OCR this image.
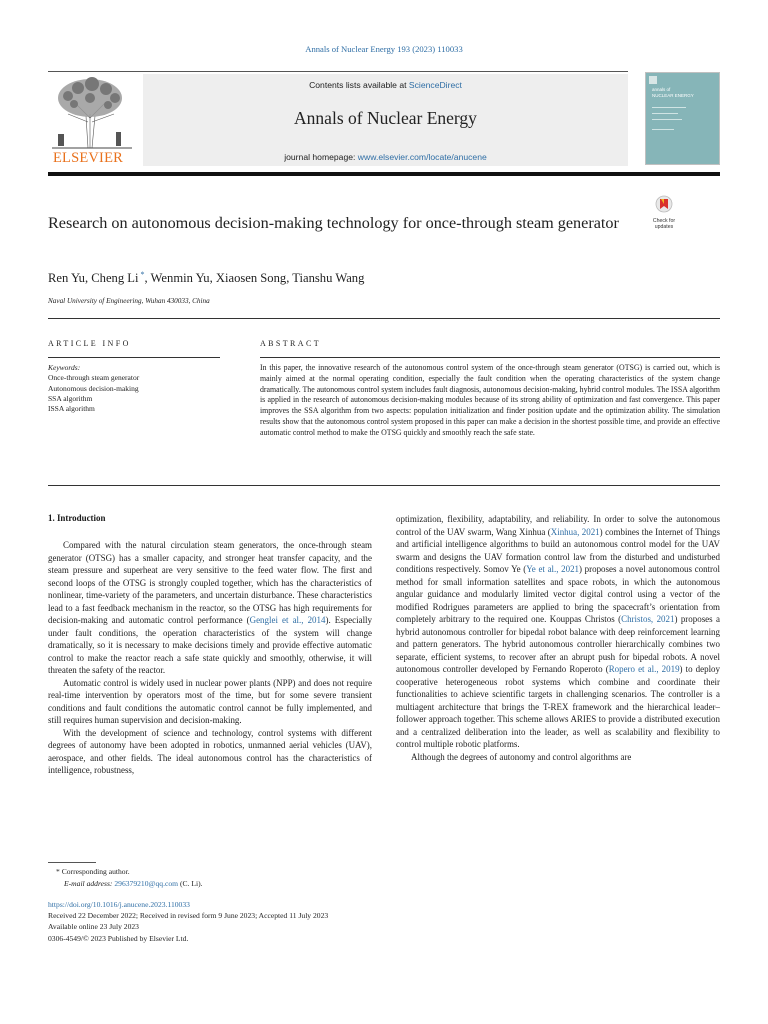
Annals of Nuclear Energy 193 (2023) 110033
ELSEVIER
Contents lists available at ScienceDirect
Annals of Nuclear Energy
journal homepage: www.elsevier.com/locate/anucene
annals of
NUCLEAR ENERGY
Check for
updates
Research on autonomous decision-making technology for once-through steam generator
Ren Yu, Cheng Li *, Wenmin Yu, Xiaosen Song, Tianshu Wang
Naval University of Engineering, Wuhan 430033, China
ARTICLE INFO
Keywords:
Once-through steam generator
Autonomous decision-making
SSA algorithm
ISSA algorithm
ABSTRACT
In this paper, the innovative research of the autonomous control system of the once-through steam generator (OTSG) is carried out, which is mainly aimed at the normal operating condition, especially the fault condition when the operating characteristics of the system change dramatically. The autonomous control system includes fault diagnosis, autonomous decision-making, hybrid control modules. The ISSA algorithm is applied in the research of autonomous decision-making modules because of its strong ability of optimization and fast convergence. This paper improves the SSA algorithm from two aspects: population initialization and finder position update and the optimization ability. The simulation results show that the autonomous control system proposed in this paper can make a decision in the shortest possible time, and provide an effective automatic control method to make the OTSG quickly and smoothly reach the safe state.
1. Introduction

Compared with the natural circulation steam generators, the once-through steam generator (OTSG) has a smaller capacity, and stronger heat transfer capacity, and the steam pressure and superheat are very sensitive to the feed water flow. The first and second loops of the OTSG is strongly coupled together, which has the characteristics of nonlinear, time-variety of the parameters, and uncertain disturbance. These characteristics lead to a fast feedback mechanism in the reactor, so the OTSG has high requirements for decision-making and automatic control performance (Genglei et al., 2014). Especially under fault conditions, the operation characteristics of the system will change dramatically, so it is necessary to make decisions timely and provide effective automatic control to make the reactor reach a safe state quickly and smoothly, otherwise, it will threaten the safety of the reactor.

Automatic control is widely used in nuclear power plants (NPP) and does not require real-time intervention by operators most of the time, but for some severe transient conditions and fault conditions the automatic control cannot be fully implemented, and still requires human supervision and decision-making.

With the development of science and technology, control systems with different degrees of autonomy have been adopted in robotics, unmanned aerial vehicles (UAV), aerospace, and other fields. The ideal autonomous control has the characteristics of intelligence, robustness,

optimization, flexibility, adaptability, and reliability. In order to solve the autonomous control of the UAV swarm, Wang Xinhua (Xinhua, 2021) combines the Internet of Things and artificial intelligence algorithms to build an autonomous control model for the UAV swarm and designs the UAV formation control law from the disturbed and undisturbed conditions respectively. Somov Ye (Ye et al., 2021) proposes a novel autonomous control method for small information satellites and space robots, in which the autonomous angular guidance and modularly limited vector digital control using a vector of the modified Rodrigues parameters are applied to bring the spacecraft’s orientation from completely arbitrary to the required one. Kouppas Christos (Christos, 2021) proposes a hybrid autonomous controller for bipedal robot balance with deep reinforcement learning and pattern generators. The hybrid autonomous controller hierarchically combines two separate, efficient systems, to recover after an abrupt push for bipedal robots. A novel autonomous controller developed by Fernando Roperoto (Ropero et al., 2019) to deploy cooperative heterogeneous robot systems which combine and coordinate their functionalities to achieve scientific targets in challenging scenarios. The controller is a multiagent architecture that brings the T-REX framework and the hierarchical leader–follower approach together. This scheme allows ARIES to provide a distributed execution and a centralized deliberation into the leader, as well as scalability and flexibility to control multiple robotic platforms.

Although the degrees of autonomy and control algorithms are

* Corresponding author.
E-mail address: 296379210@qq.com (C. Li).
https://doi.org/10.1016/j.anucene.2023.110033
Received 22 December 2022; Received in revised form 9 June 2023; Accepted 11 July 2023
Available online 23 July 2023
0306-4549/© 2023 Published by Elsevier Ltd.
